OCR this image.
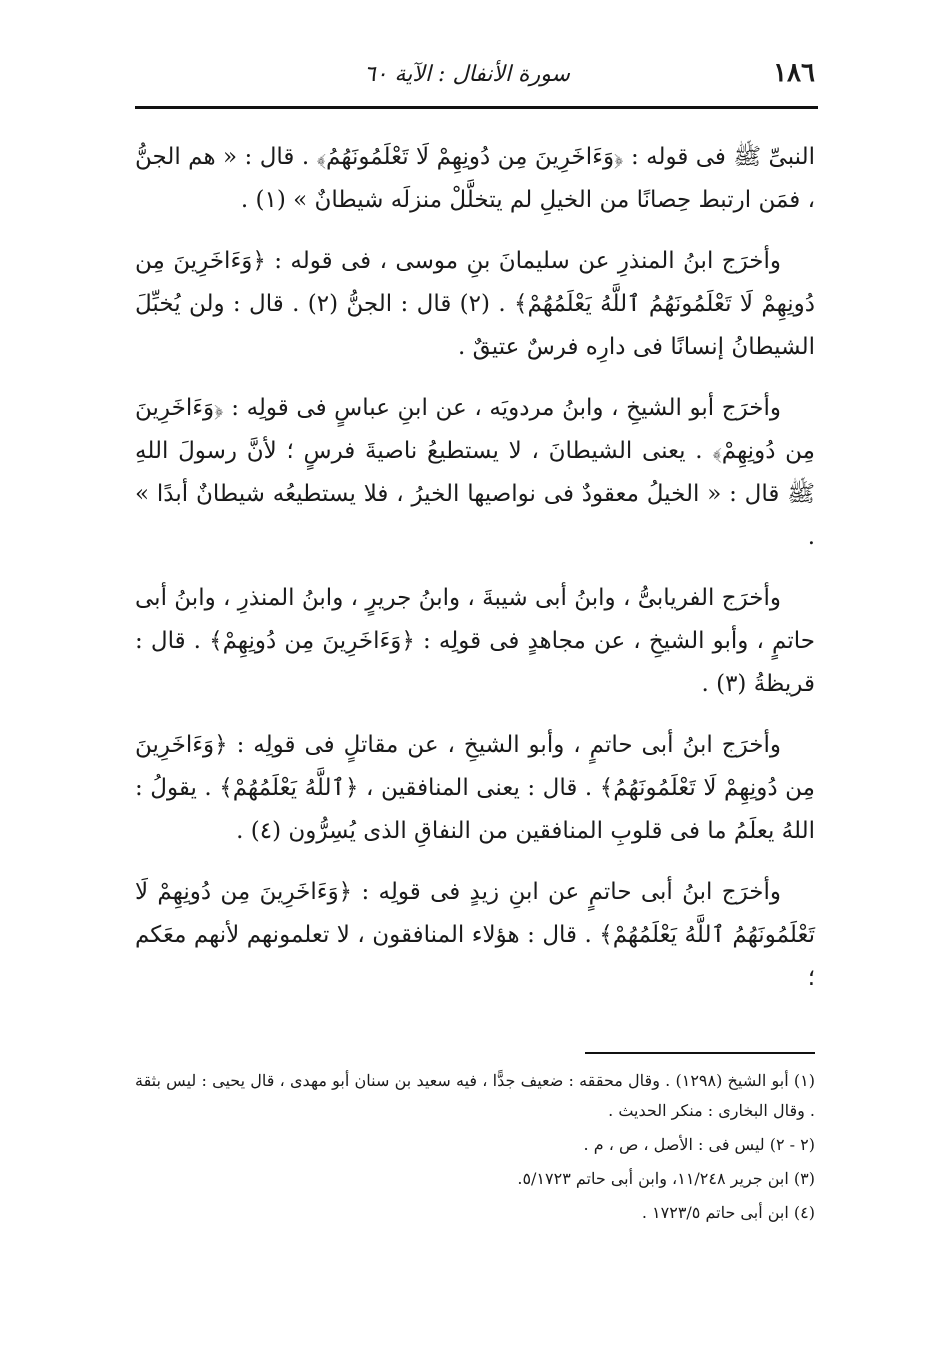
١٨٦
سورة الأنفال : الآية ٦٠

النبىِّ ﷺ فى قوله : ﴿وَءَاخَرِينَ مِن دُونِهِمْ لَا تَعْلَمُونَهُمُ﴾ . قال : « هم الجنُّ ، فمَن ارتبط حِصانًا من الخيلِ لم يتخلَّلْ منزلَه شيطانٌ » (١) .

وأخرَج ابنُ المنذرِ عن سليمانَ بنِ موسى ، فى قوله : ﴿وَءَاخَرِينَ مِن دُونِهِمْ لَا تَعْلَمُونَهُمُ ٱللَّهُ يَعْلَمُهُمْ﴾ . (٢) قال : الجنُّ (٢) . قال : ولن يُخبِّلَ الشيطانُ إنسانًا فى دارِه فرسٌ عتيقٌ .

وأخرَج أبو الشيخِ ، وابنُ مردويَه ، عن ابنِ عباسٍ فى قولِه : ﴿وَءَاخَرِينَ مِن دُونِهِمْ﴾ . يعنى الشيطانَ ، لا يستطيعُ ناصيةَ فرسٍ ؛ لأنَّ رسولَ اللهِ ﷺ قال : « الخيلُ معقودٌ فى نواصيها الخيرُ ، فلا يستطيعُه شيطانٌ أبدًا » .

وأخرَج الفريابىُّ ، وابنُ أبى شيبةَ ، وابنُ جريرٍ ، وابنُ المنذرِ ، وابنُ أبى حاتمٍ ، وأبو الشيخِ ، عن مجاهدٍ فى قولِه : ﴿وَءَاخَرِينَ مِن دُونِهِمْ﴾ . قال : قريظةُ (٣) .

وأخرَج ابنُ أبى حاتمٍ ، وأبو الشيخِ ، عن مقاتلٍ فى قولِه : ﴿وَءَاخَرِينَ مِن دُونِهِمْ لَا تَعْلَمُونَهُمُ﴾ . قال : يعنى المنافقين ، ﴿ٱللَّهُ يَعْلَمُهُمْ﴾ . يقولُ : اللهُ يعلَمُ ما فى قلوبِ المنافقين من النفاقِ الذى يُسِرُّون (٤) .

وأخرَج ابنُ أبى حاتمٍ عن ابنِ زيدٍ فى قولِه : ﴿وَءَاخَرِينَ مِن دُونِهِمْ لَا تَعْلَمُونَهُمُ ٱللَّهُ يَعْلَمُهُمْ﴾ . قال : هؤلاء المنافقون ، لا تعلمونهم لأنهم معَكم ؛

(١) أبو الشيخ (١٢٩٨) . وقال محققه : ضعيف جدًّا ، فيه سعيد بن سنان أبو مهدى ، قال يحيى : ليس بثقة . وقال البخارى : منكر الحديث .

(٢ - ٢) ليس فى : الأصل ، ص ، م .

(٣) ابن جرير ١١/٢٤٨، وابن أبى حاتم ٥/١٧٢٣.

(٤) ابن أبى حاتم ١٧٢٣/٥ .
